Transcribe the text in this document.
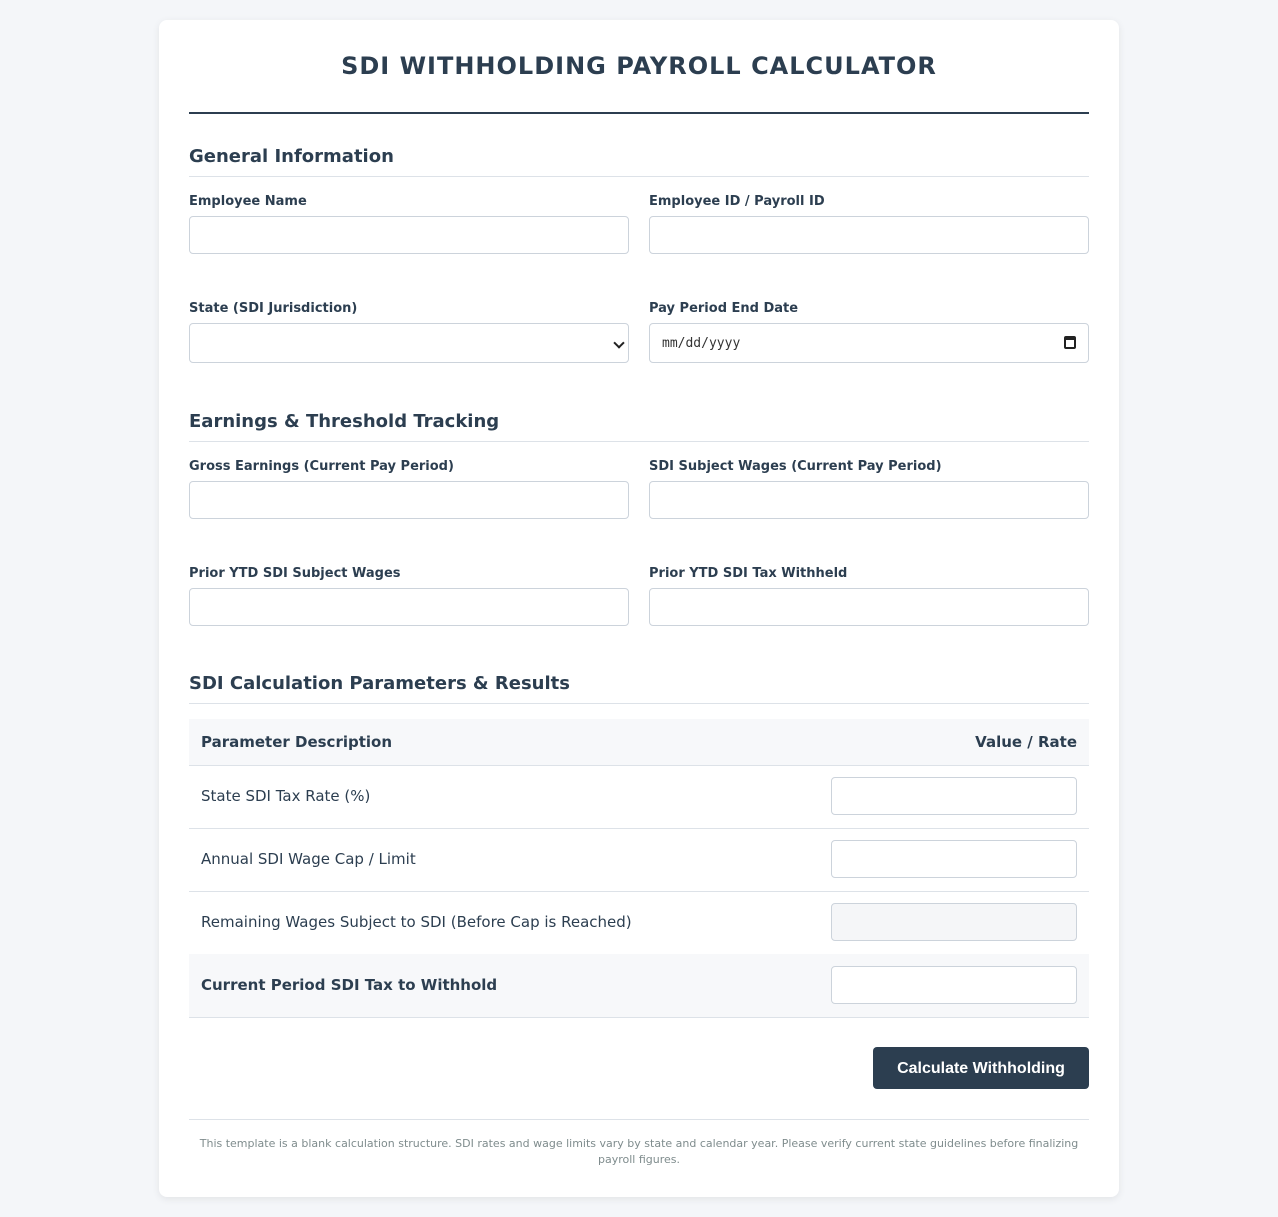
SDI WITHHOLDING PAYROLL CALCULATOR
General Information
Employee Name	Employee ID / Payroll ID
State (SDI Jurisdiction)	Pay Period End Date
mm/dd/yyyy
Earnings & Threshold Tracking
Gross Earnings (Current Pay Period)	SDI Subject Wages (Current Pay Period)
Prior YTD SDI Subject Wages	Prior YTD SDI Tax Withheld
SDI Calculation Parameters & Results
Parameter Description	Value / Rate
State SDI Tax Rate (%)
Annual SDI Wage Cap / Limit
Remaining Wages Subject to SDI (Before Cap is Reached)
Current Period SDI Tax to Withhold
Calculate Withholding
This template is a blank calculation structure. SDI rates and wage limits vary by state and calendar year. Please verify current state guidelines before finalizing payroll figures.
